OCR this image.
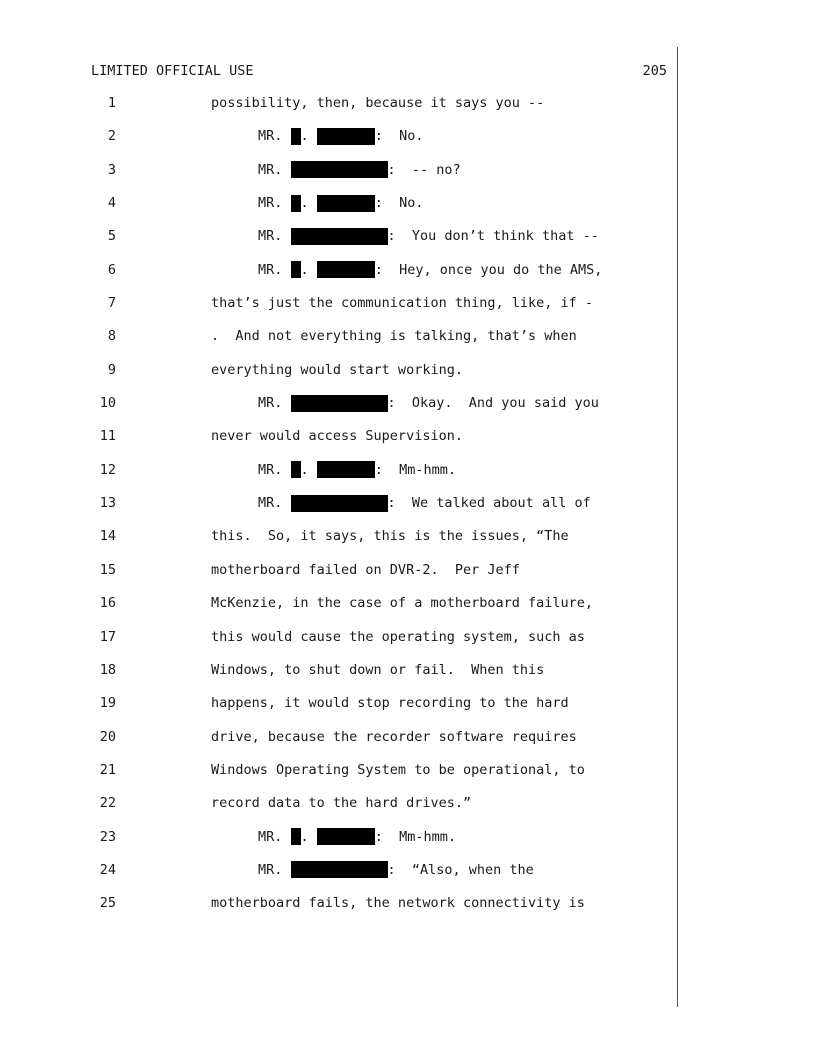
LIMITED OFFICIAL USE	205
1	possibility, then, because it says you --
2	MR. .	:  No.
3	MR.	:  -- no?
4	MR. .	:  No.
5	MR.	:  You don’t think that --
6	MR. .	:  Hey, once you do the AMS,
7	that’s just the communication thing, like, if -
8	.  And not everything is talking, that’s when
9	everything would start working.
10	MR.	:  Okay.  And you said you
11	never would access Supervision.
12	MR. .	:  Mm-hmm.
13	MR.	:  We talked about all of
14	this.  So, it says, this is the issues, “The
15	motherboard failed on DVR-2.  Per Jeff
16	McKenzie, in the case of a motherboard failure,
17	this would cause the operating system, such as
18	Windows, to shut down or fail.  When this
19	happens, it would stop recording to the hard
20	drive, because the recorder software requires
21	Windows Operating System to be operational, to
22	record data to the hard drives.”
23	MR. .	:  Mm-hmm.
24	MR.	:  “Also, when the
25	motherboard fails, the network connectivity is
